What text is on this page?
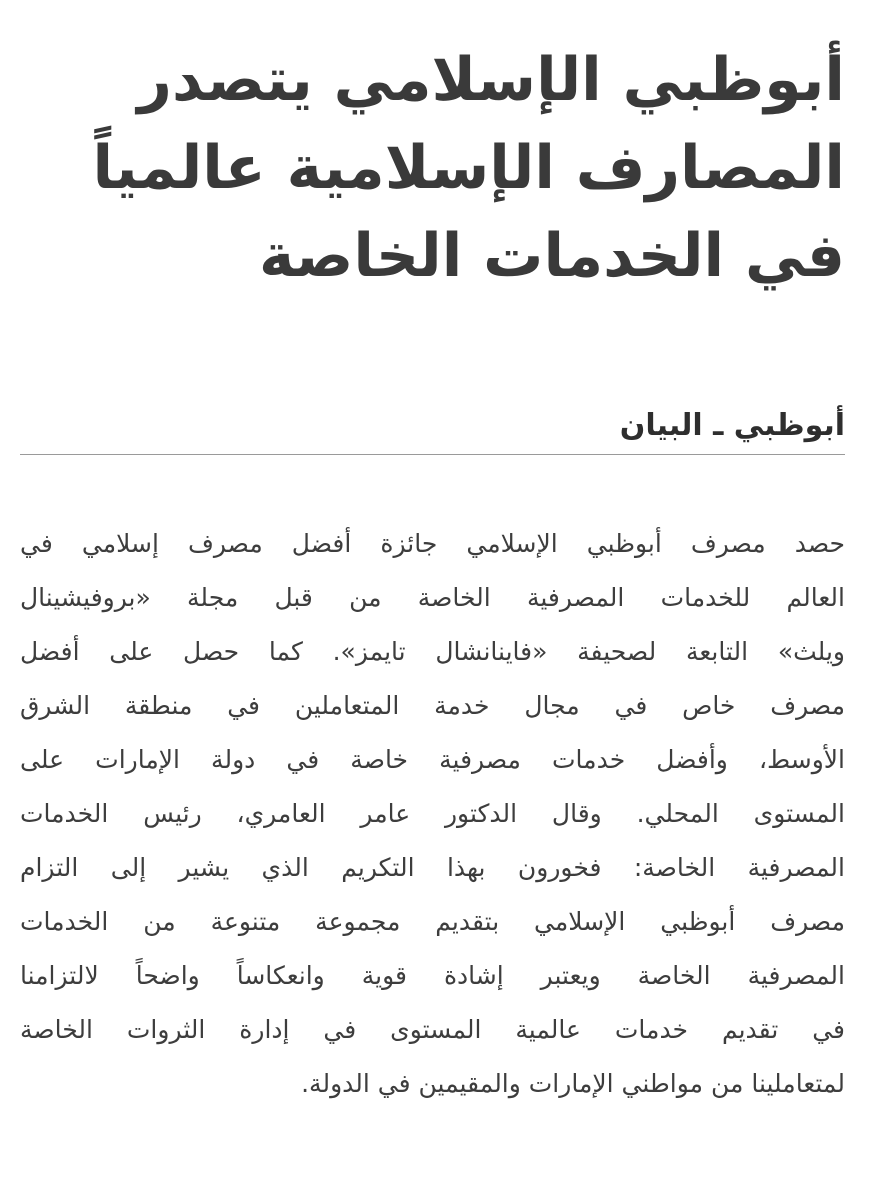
أبوظبي الإسلامي يتصدر
المصارف الإسلامية عالمياً
في الخدمات الخاصة
أبوظبي ـ البيان
حصد مصرف أبوظبي الإسلامي جائزة أفضل مصرف إسلامي في
العالم للخدمات المصرفية الخاصة من قبل مجلة «بروفيشينال
ويلث» التابعة لصحيفة «فاينانشال تايمز». كما حصل على أفضل
مصرف خاص في مجال خدمة المتعاملين في منطقة الشرق
الأوسط، وأفضل خدمات مصرفية خاصة في دولة الإمارات على
المستوى المحلي. وقال الدكتور عامر العامري، رئيس الخدمات
المصرفية الخاصة: فخورون بهذا التكريم الذي يشير إلى التزام
مصرف أبوظبي الإسلامي بتقديم مجموعة متنوعة من الخدمات
المصرفية الخاصة ويعتبر إشادة قوية وانعكاساً واضحاً لالتزامنا
في تقديم خدمات عالمية المستوى في إدارة الثروات الخاصة
لمتعاملينا من مواطني الإمارات والمقيمين في الدولة.
